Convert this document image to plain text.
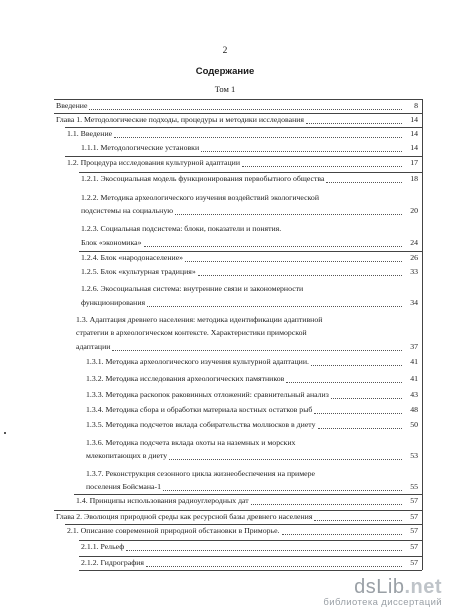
2
Содержание
Том 1
Введение	8
Глава 1. Методологические подходы, процедуры и методики исследования	14
1.1. Введение	14
1.1.1. Методологические установки	14
1.2. Процедура исследования культурной адаптации	17
1.2.1. Экосоциальная модель функционирования первобытного общества	18
1.2.2. Методика археологического изучения воздействий экологической
подсистемы на социальную	20
1.2.3. Социальная подсистема: блоки, показатели и понятия.
Блок «экономика»	24
1.2.4. Блок «народонаселение»	26
1.2.5. Блок «культурная традиция»	33
1.2.6. Экосоциальная система: внутренние связи и закономерности
функционирования	34
1.3. Адаптация древнего населения: методика идентификации адаптивной
стратегии в археологическом контексте. Характеристики приморской
адаптации	37
1.3.1. Методика археологического изучения культурной адаптации.	41
1.3.2. Методика исследования археологических памятников	41
1.3.3. Методика раскопок раковинных отложений: сравнительный анализ	43
1.3.4. Методика сбора и обработки материала костных остатков рыб	48
1.3.5. Методика подсчетов вклада собирательства моллюсков в диету	50
1.3.6. Методика подсчета вклада охоты на наземных и морских
млекопитающих в диету	53
1.3.7. Реконструкция сезонного цикла жизнеобеспечения на примере
поселения Бойсмана-1	55
1.4. Принципы использования радиоуглеродных дат	57
Глава 2. Эволюция природной среды как ресурсной базы древнего населения	57
2.1. Описание современной природной обстановки в Приморье.	57
2.1.1. Рельеф	57
2.1.2. Гидрография	57
dsLib.net
библиотека диссертаций
